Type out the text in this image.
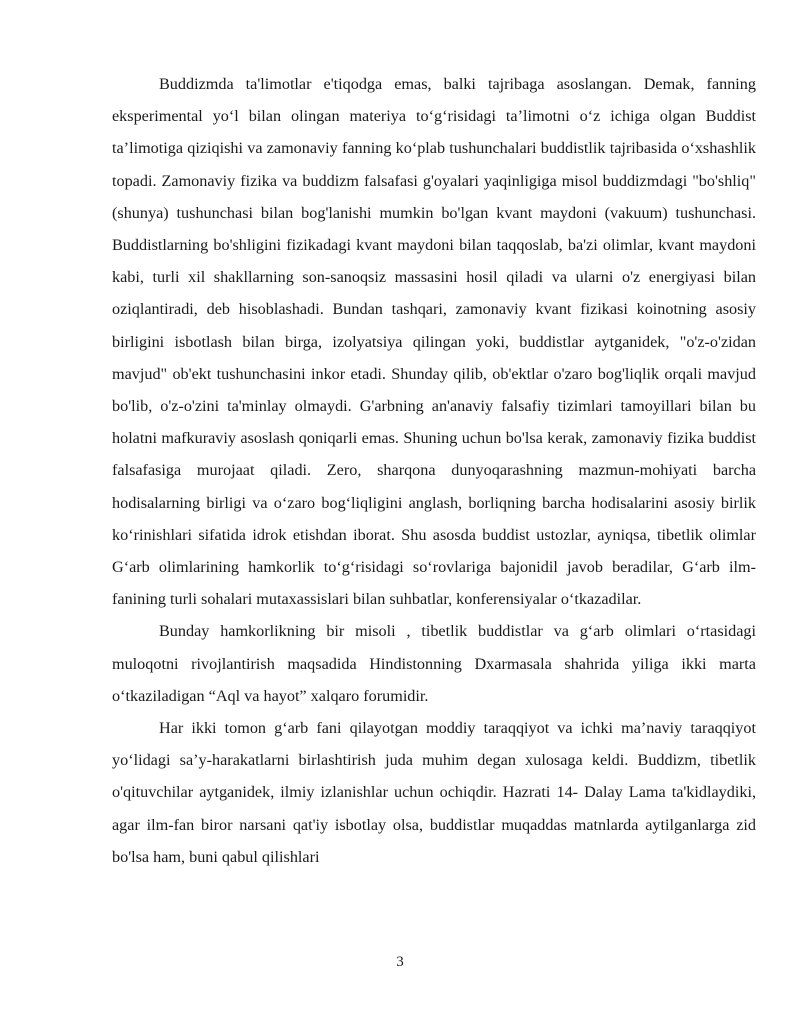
Buddizmda ta'limotlar e'tiqodga emas, balki tajribaga asoslangan. Demak, fanning eksperimental yo‘l bilan olingan materiya to‘g‘risidagi ta’limotni o‘z ichiga olgan Buddist ta’limotiga qiziqishi va zamonaviy fanning ko‘plab tushunchalari buddistlik tajribasida o‘xshashlik topadi. Zamonaviy fizika va buddizm falsafasi g'oyalari yaqinligiga misol buddizmdagi "bo'shliq" (shunya) tushunchasi bilan bog'lanishi mumkin bo'lgan kvant maydoni (vakuum) tushunchasi. Buddistlarning bo'shligini fizikadagi kvant maydoni bilan taqqoslab, ba'zi olimlar, kvant maydoni kabi, turli xil shakllarning son-sanoqsiz massasini hosil qiladi va ularni o'z energiyasi bilan oziqlantiradi, deb hisoblashadi. Bundan tashqari, zamonaviy kvant fizikasi koinotning asosiy birligini isbotlash bilan birga, izolyatsiya qilingan yoki, buddistlar aytganidek, "o'z-o'zidan mavjud" ob'ekt tushunchasini inkor etadi. Shunday qilib, ob'ektlar o'zaro bog'liqlik orqali mavjud bo'lib, o'z-o'zini ta'minlay olmaydi. G'arbning an'anaviy falsafiy tizimlari tamoyillari bilan bu holatni mafkuraviy asoslash qoniqarli emas. Shuning uchun bo'lsa kerak, zamonaviy fizika buddist falsafasiga murojaat qiladi. Zero, sharqona dunyoqarashning mazmun-mohiyati barcha hodisalarning birligi va o‘zaro bog‘liqligini anglash, borliqning barcha hodisalarini asosiy birlik ko‘rinishlari sifatida idrok etishdan iborat. Shu asosda buddist ustozlar, ayniqsa, tibetlik olimlar G‘arb olimlarining hamkorlik to‘g‘risidagi so‘rovlariga bajonidil javob beradilar, G‘arb ilm-fanining turli sohalari mutaxassislari bilan suhbatlar, konferensiyalar o‘tkazadilar.

Bunday hamkorlikning bir misoli , tibetlik buddistlar va g‘arb olimlari o‘rtasidagi muloqotni rivojlantirish maqsadida Hindistonning Dxarmasala shahrida yiliga ikki marta o‘tkaziladigan “Aql va hayot” xalqaro forumidir.

Har ikki tomon g‘arb fani qilayotgan moddiy taraqqiyot va ichki ma’naviy taraqqiyot yo‘lidagi sa’y-harakatlarni birlashtirish juda muhim degan xulosaga keldi. Buddizm, tibetlik o'qituvchilar aytganidek, ilmiy izlanishlar uchun ochiqdir. Hazrati 14- Dalay Lama ta'kidlaydiki, agar ilm-fan biror narsani qat'iy isbotlay olsa, buddistlar muqaddas matnlarda aytilganlarga zid bo'lsa ham, buni qabul qilishlari

3
